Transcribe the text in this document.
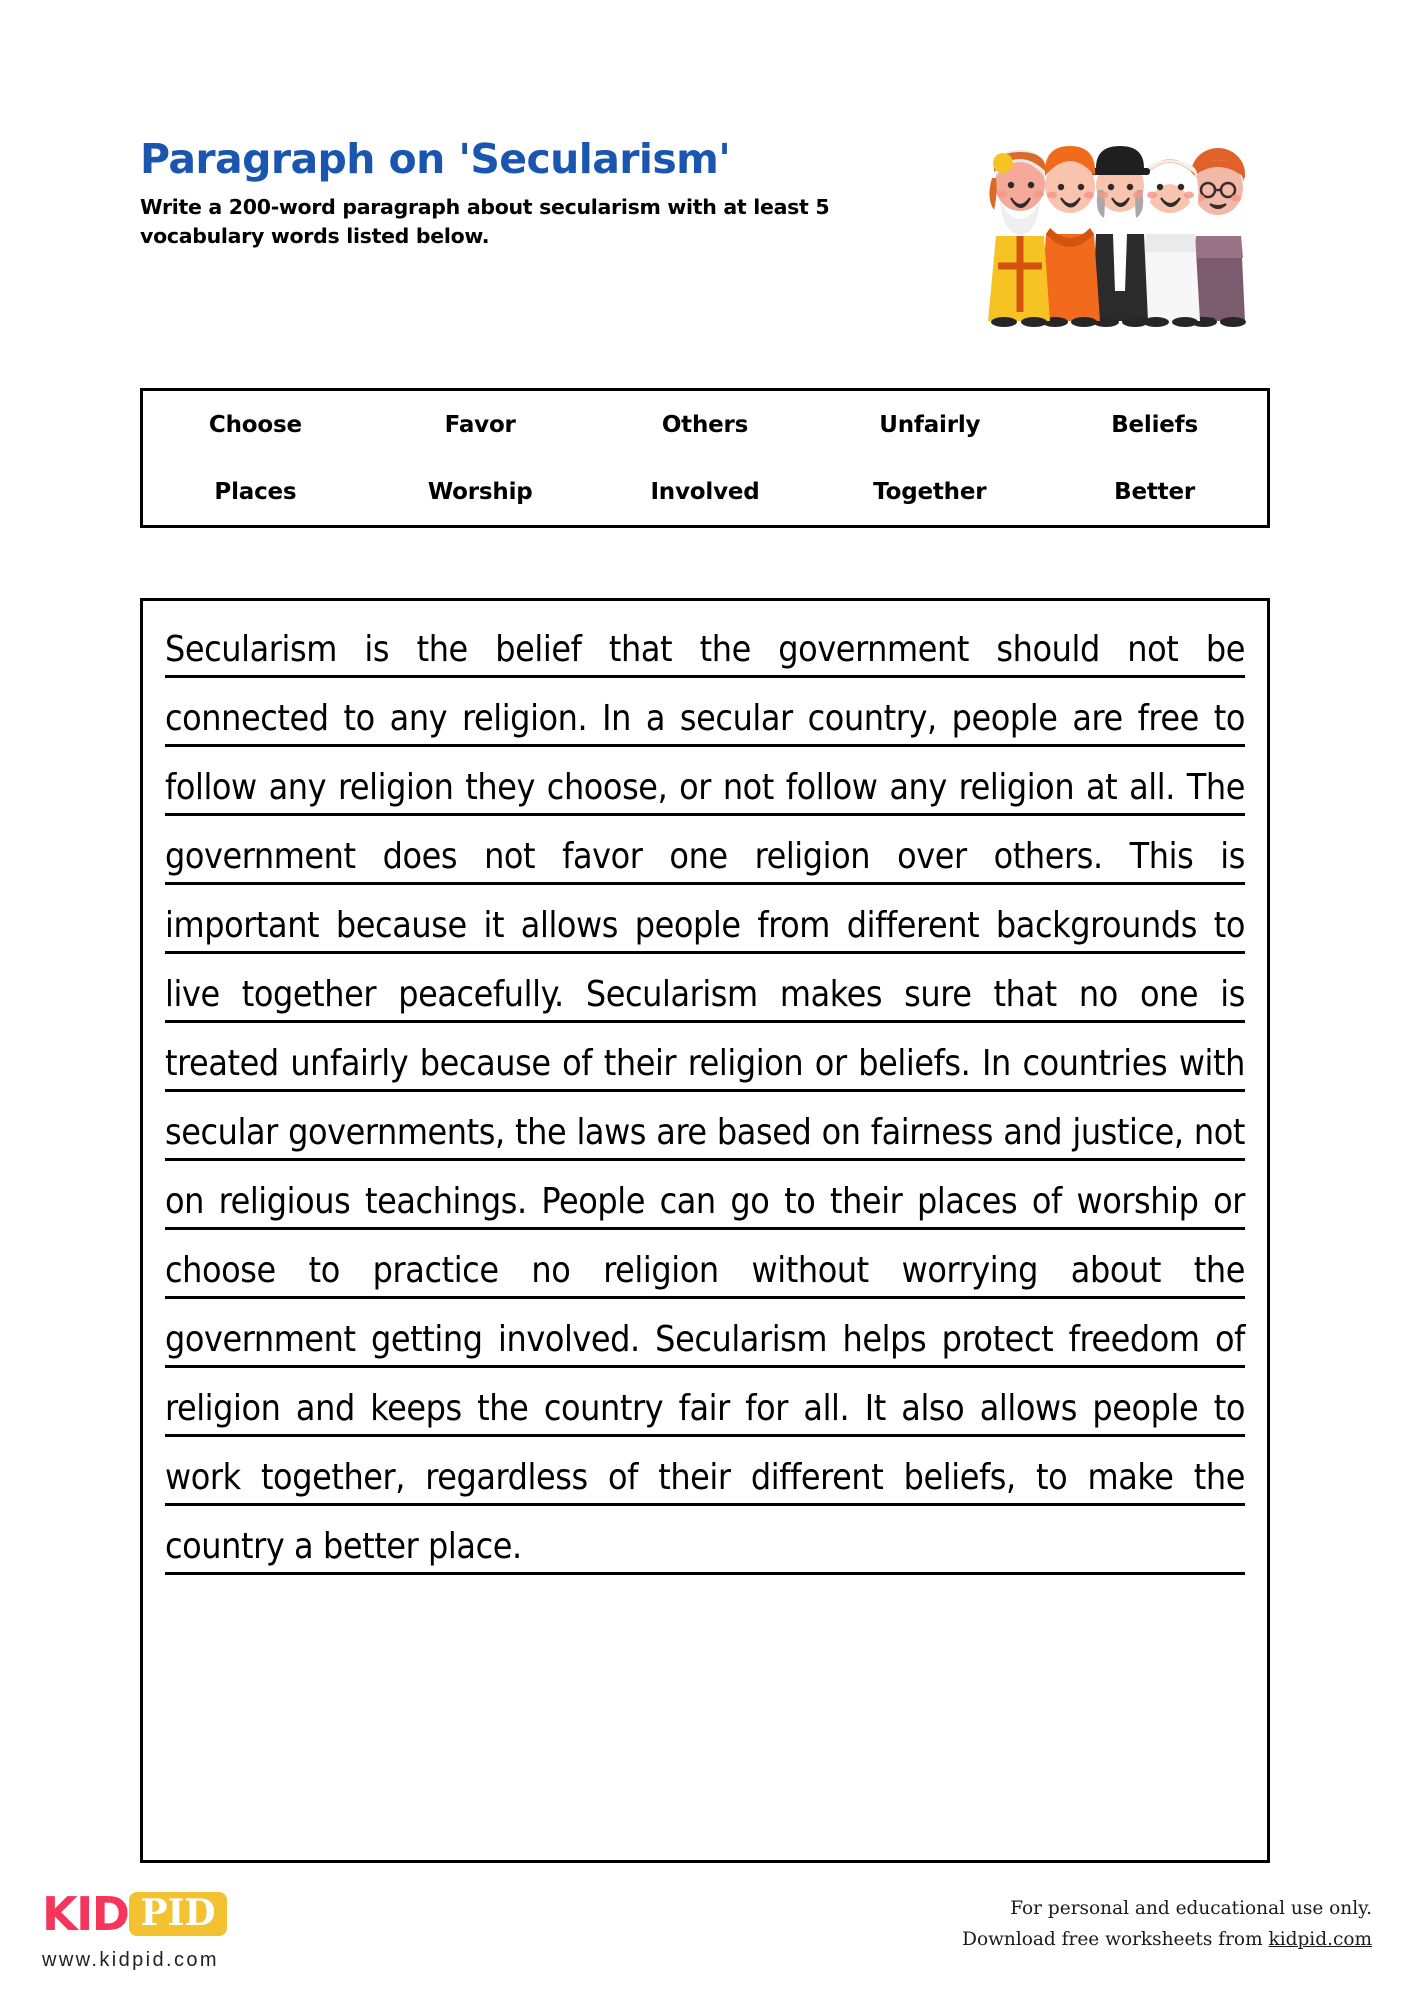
Paragraph on 'Secularism'

Write a 200-word paragraph about secularism with at least 5 vocabulary words listed below.

Choose	Favor	Others	Unfairly	Beliefs
Places	Worship	Involved	Together	Better

Secularism is the belief that the government should not be connected to any religion. In a secular country, people are free to follow any religion they choose, or not follow any religion at all. The government does not favor one religion over others. This is important because it allows people from different backgrounds to live together peacefully. Secularism makes sure that no one is treated unfairly because of their religion or beliefs. In countries with secular governments, the laws are based on fairness and justice, not on religious teachings. People can go to their places of worship or choose to practice no religion without worrying about the government getting involved. Secularism helps protect freedom of religion and keeps the country fair for all. It also allows people to work together, regardless of their different beliefs, to make the country a better place.

KID PID
www.kidpid.com
For personal and educational use only.
Download free worksheets from kidpid.com
